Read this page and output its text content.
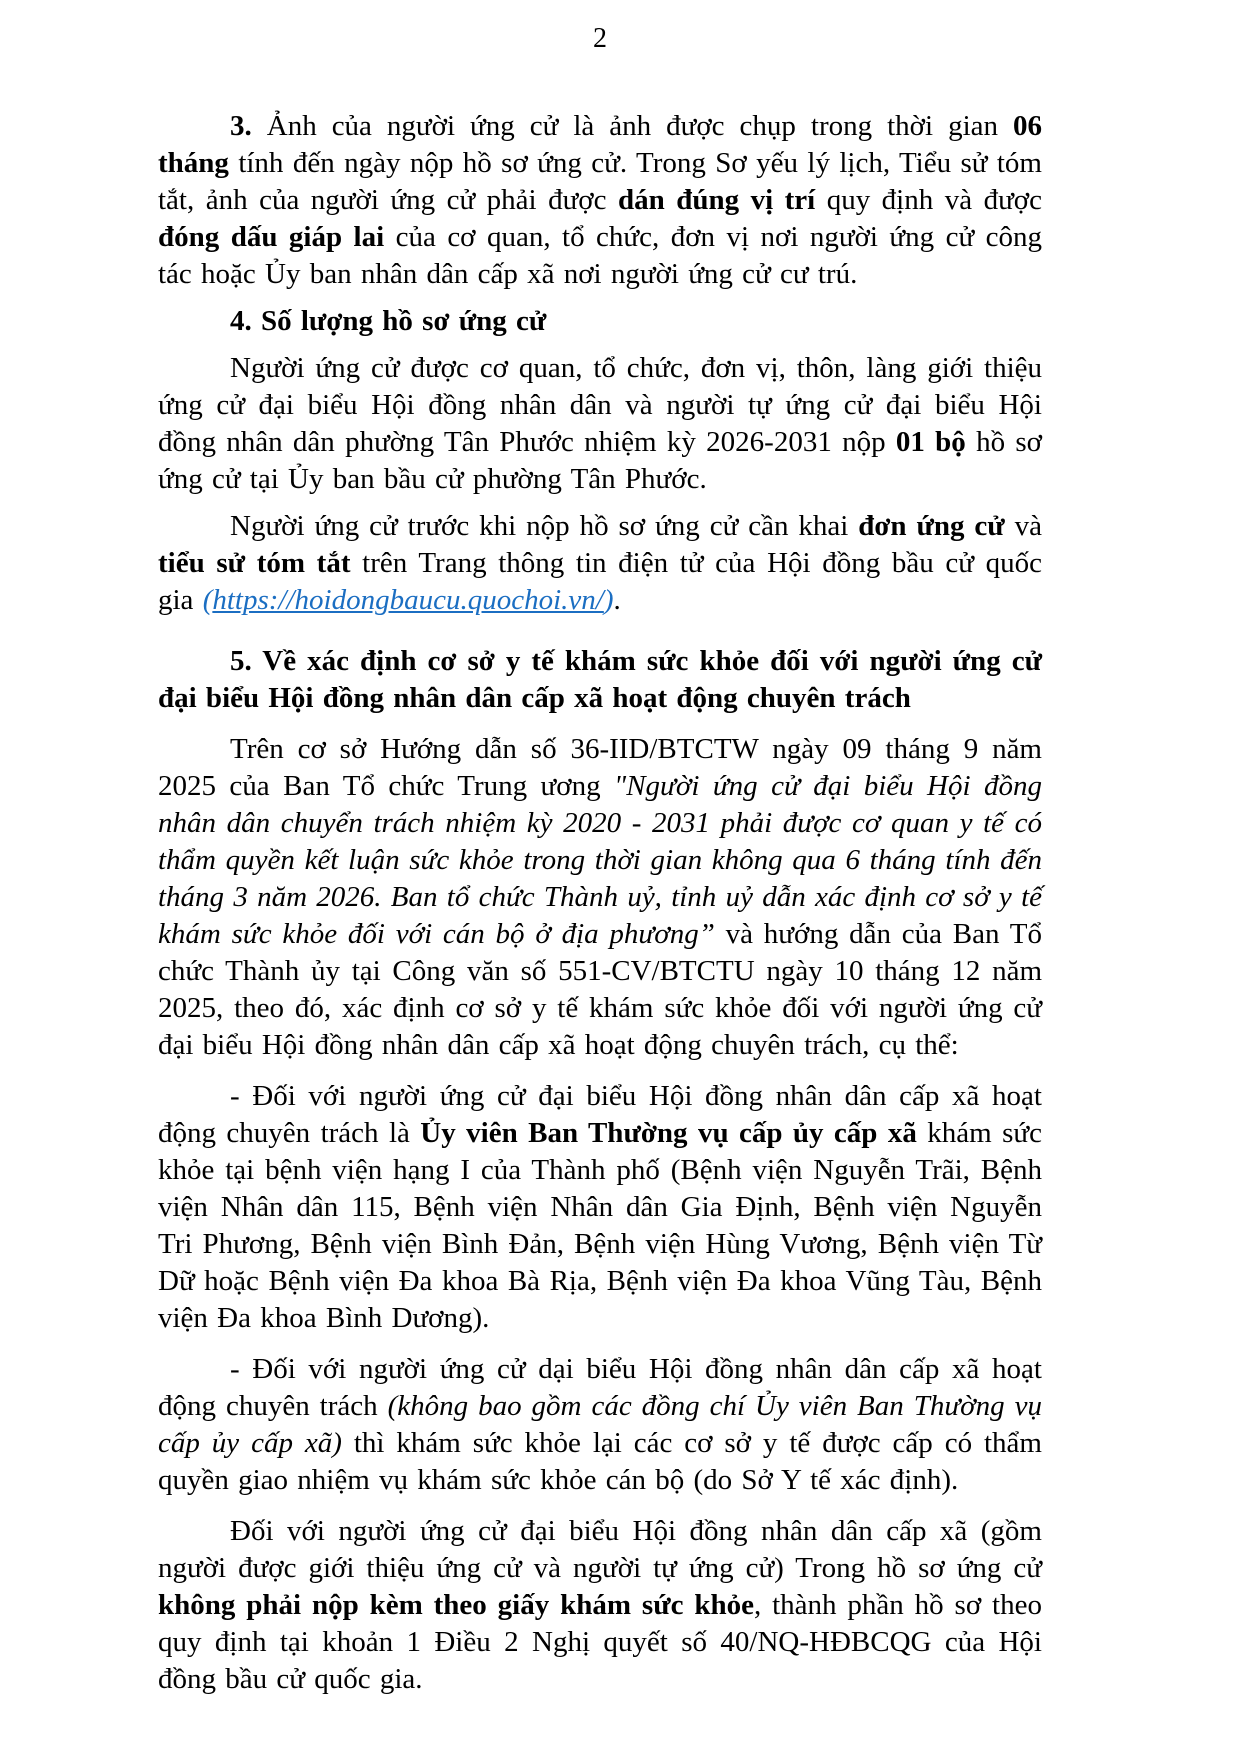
2

3. Ảnh của người ứng cử là ảnh được chụp trong thời gian 06 tháng tính đến ngày nộp hồ sơ ứng cử. Trong Sơ yếu lý lịch, Tiểu sử tóm tắt, ảnh của người ứng cử phải được dán đúng vị trí quy định và được đóng dấu giáp lai của cơ quan, tổ chức, đơn vị nơi người ứng cử công tác hoặc Ủy ban nhân dân cấp xã nơi người ứng cử cư trú.

4. Số lượng hồ sơ ứng cử

Người ứng cử được cơ quan, tổ chức, đơn vị, thôn, làng giới thiệu ứng cử đại biểu Hội đồng nhân dân và người tự ứng cử đại biểu Hội đồng nhân dân phường Tân Phước nhiệm kỳ 2026-2031 nộp 01 bộ hồ sơ ứng cử tại Ủy ban bầu cử phường Tân Phước.

Người ứng cử trước khi nộp hồ sơ ứng cử cần khai đơn ứng cử và tiểu sử tóm tắt trên Trang thông tin điện tử của Hội đồng bầu cử quốc gia (https://hoidongbaucu.quochoi.vn/).

5. Về xác định cơ sở y tế khám sức khỏe đối với người ứng cử đại biểu Hội đồng nhân dân cấp xã hoạt động chuyên trách

Trên cơ sở Hướng dẫn số 36-IID/BTCTW ngày 09 tháng 9 năm 2025 của Ban Tổ chức Trung ương "Người ứng cử đại biểu Hội đồng nhân dân chuyển trách nhiệm kỳ 2020 - 2031 phải được cơ quan y tế có thẩm quyền kết luận sức khỏe trong thời gian không qua 6 tháng tính đến tháng 3 năm 2026. Ban tổ chức Thành uỷ, tỉnh uỷ dẫn xác định cơ sở y tế khám sức khỏe đối với cán bộ ở địa phương” và hướng dẫn của Ban Tổ chức Thành ủy tại Công văn số 551-CV/BTCTU ngày 10 tháng 12 năm 2025, theo đó, xác định cơ sở y tế khám sức khỏe đối với người ứng cử đại biểu Hội đồng nhân dân cấp xã hoạt động chuyên trách, cụ thể:

- Đối với người ứng cử đại biểu Hội đồng nhân dân cấp xã hoạt động chuyên trách là Ủy viên Ban Thường vụ cấp ủy cấp xã khám sức khỏe tại bệnh viện hạng I của Thành phố (Bệnh viện Nguyễn Trãi, Bệnh viện Nhân dân 115, Bệnh viện Nhân dân Gia Định, Bệnh viện Nguyễn Tri Phương, Bệnh viện Bình Đản, Bệnh viện Hùng Vương, Bệnh viện Từ Dữ hoặc Bệnh viện Đa khoa Bà Rịa, Bệnh viện Đa khoa Vũng Tàu, Bệnh viện Đa khoa Bình Dương).

- Đối với người ứng cử dại biểu Hội đồng nhân dân cấp xã hoạt động chuyên trách (không bao gồm các đồng chí Ủy viên Ban Thường vụ cấp ủy cấp xã) thì khám sức khỏe lại các cơ sở y tế được cấp có thẩm quyền giao nhiệm vụ khám sức khỏe cán bộ (do Sở Y tế xác định).

Đối với người ứng cử đại biểu Hội đồng nhân dân cấp xã (gồm người được giới thiệu ứng cử và người tự ứng cử) Trong hồ sơ ứng cử không phải nộp kèm theo giấy khám sức khỏe, thành phần hồ sơ theo quy định tại khoản 1 Điều 2 Nghị quyết số 40/NQ-HĐBCQG của Hội đồng bầu cử quốc gia.
